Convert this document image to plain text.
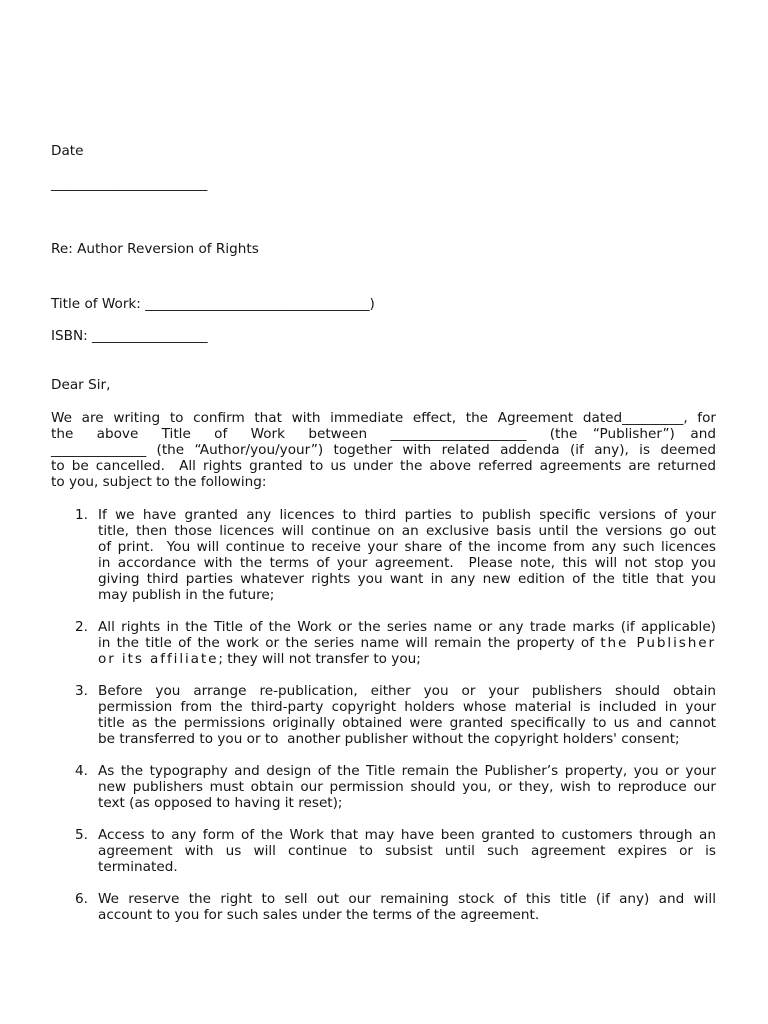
Date
_______________________
Re: Author Reversion of Rights
Title of Work: _________________________________)
ISBN: _________________
Dear Sir,
We are writing to confirm that with immediate effect, the Agreement dated_________, for
the   above   Title   of   Work   between   ____________________   (the  “Publisher”)  and
______________ (the “Author/you/your”) together with related addenda (if any), is deemed
to be cancelled.  All rights granted to us under the above referred agreements are returned
to you, subject to the following:
1. If we have granted any licences to third parties to publish specific versions of your
title, then those licences will continue on an exclusive basis until the versions go out
of print.  You will continue to receive your share of the income from any such licences
in accordance with the terms of your agreement.  Please note, this will not stop you
giving third parties whatever rights you want in any new edition of the title that you
may publish in the future;
2. All rights in the Title of the Work or the series name or any trade marks (if applicable)
in the title of the work or the series name will remain the property of the Publisher
or its affiliate; they will not transfer to you;
3. Before  you  arrange  re-publication,  either  you  or  your  publishers  should  obtain
permission from the third-party copyright holders whose material is included in your
title as the permissions originally obtained were granted specifically to us and cannot
be transferred to you or to  another publisher without the copyright holders' consent;
4. As the typography and design of the Title remain the Publisher’s property, you or your
new publishers must obtain our permission should you, or they, wish to reproduce our
text (as opposed to having it reset);
5. Access to any form of the Work that may have been granted to customers through an
agreement  with  us  will  continue  to  subsist  until  such  agreement  expires  or  is
terminated.
6. We reserve the right to sell out our remaining stock of this title (if any) and will
account to you for such sales under the terms of the agreement.
